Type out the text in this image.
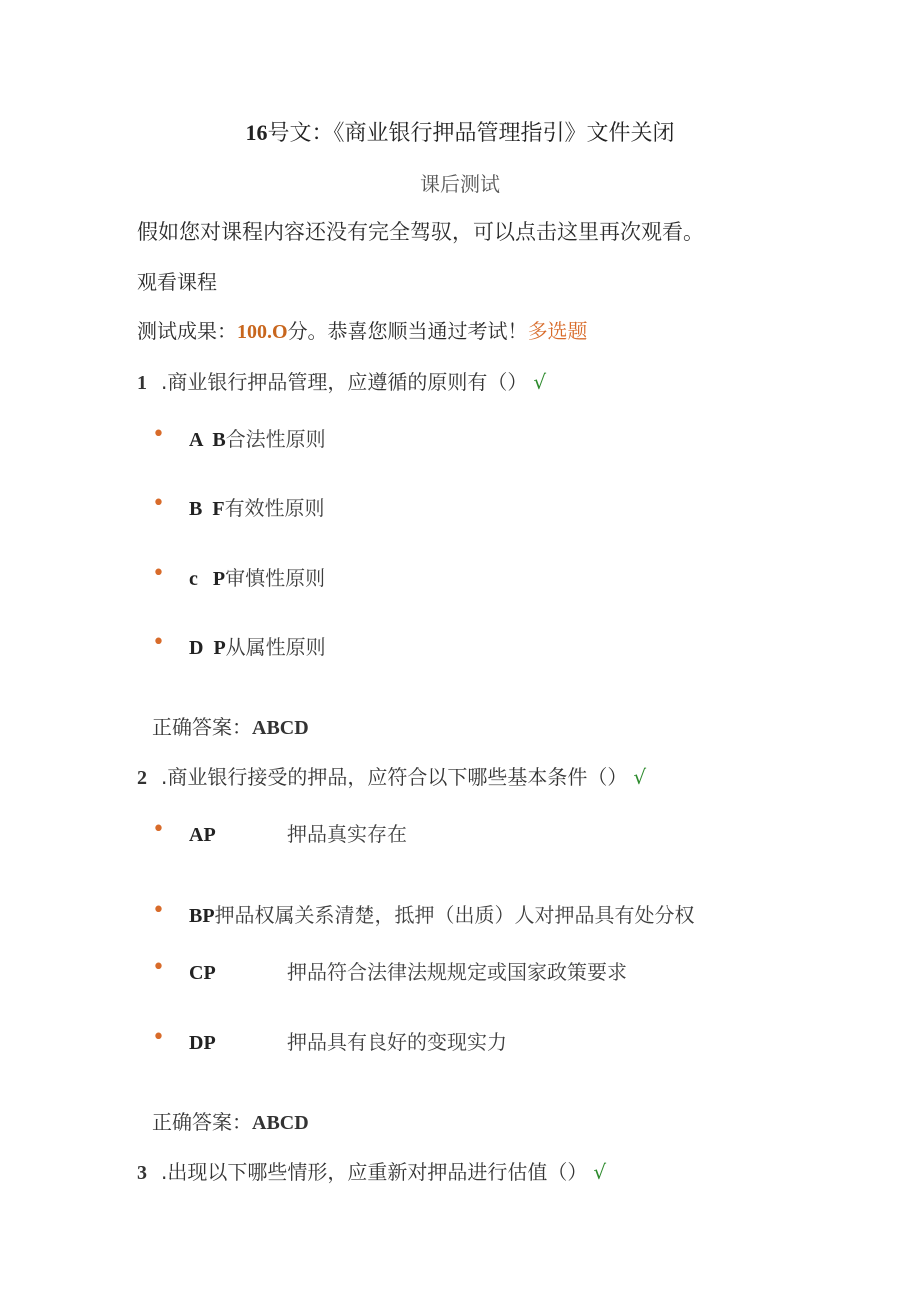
16号文：《商业银行押品管理指引》文件关闭
课后测试
假如您对课程内容还没有完全驾驭，可以点击这里再次观看。
观看课程
测试成果：100.O分。恭喜您顺当通过考试！多选题
1 .商业银行押品管理，应遵循的原则有（） √
• A  B合法性原则
• B  F有效性原则
• c   P审慎性原则
• D  P从属性原则
正确答案：ABCD
2 .商业银行接受的押品，应符合以下哪些基本条件（） √
• AP	押品真实存在
• BP押品权属关系清楚，抵押（出质）人对押品具有处分权
• CP	押品符合法律法规规定或国家政策要求
• DP	押品具有良好的变现实力
正确答案：ABCD
3 .出现以下哪些情形，应重新对押品进行估值（） √
